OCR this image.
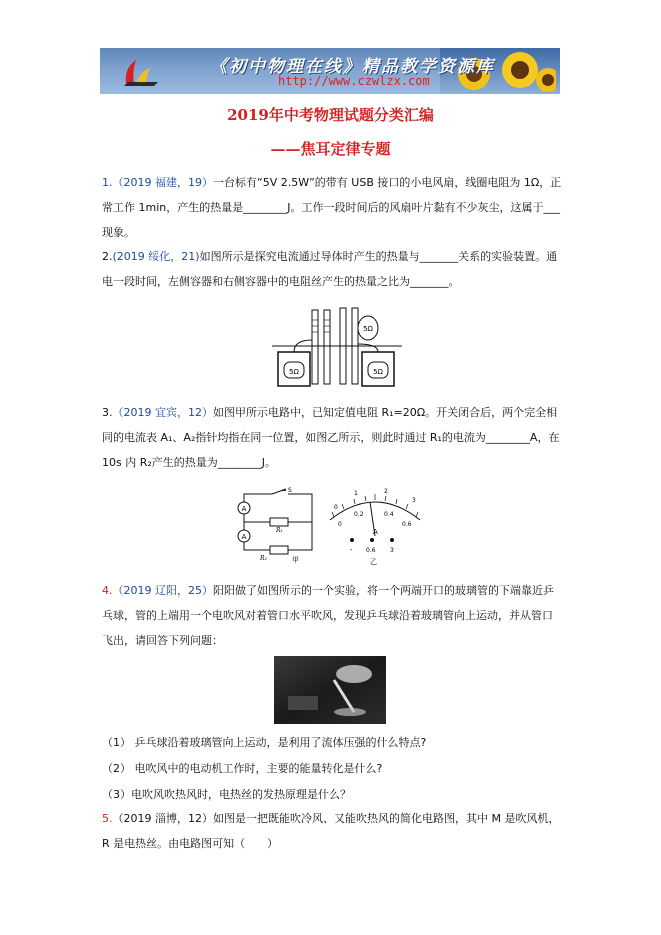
《初中物理在线》精品教学资源库
http://www.czwlzx.com
2019年中考物理试题分类汇编
——焦耳定律专题
1.（2019 福建，19）一台标有“5V 2.5W”的带有 USB 接口的小电风扇，线圈电阻为 1Ω，正常工作 1min，产生的热量是________J。工作一段时间后的风扇叶片黏有不少灰尘，这属于___现象。
2.(2019 绥化，21)如图所示是探究电流通过导体时产生的热量与_______关系的实验装置。通电一段时间，左侧容器和右侧容器中的电阻丝产生的热量之比为_______。
5Ω	5Ω
5Ω
3.（2019 宜宾，12）如图甲所示电路中，已知定值电阻 R₁=20Ω。开关闭合后，两个完全相同的电流表 A₁、A₂指针均指在同一位置，如图乙所示，则此时通过 R₁的电流为________A，在 10s 内 R₂产生的热量为________J。
A
A
S
R₁
R₂	甲
0
1	2
3
0
0.2	0.4
0.6
A
- 0.6 3
乙
4.（2019 辽阳，25）阳阳做了如图所示的一个实验，将一个两端开口的玻璃管的下端靠近乒乓球，管的上端用一个电吹风对着管口水平吹风，发现乒乓球沿着玻璃管向上运动，并从管口飞出，请回答下列问题：
（1） 乒乓球沿着玻璃管向上运动，是利用了流体压强的什么特点?
（2） 电吹风中的电动机工作时，主要的能量转化是什么?
（3）电吹风吹热风时，电热丝的发热原理是什么？
5.（2019 淄博，12）如图是一把既能吹冷风、又能吹热风的简化电路图，其中 M 是吹风机，R 是电热丝。由电路图可知（　　）
